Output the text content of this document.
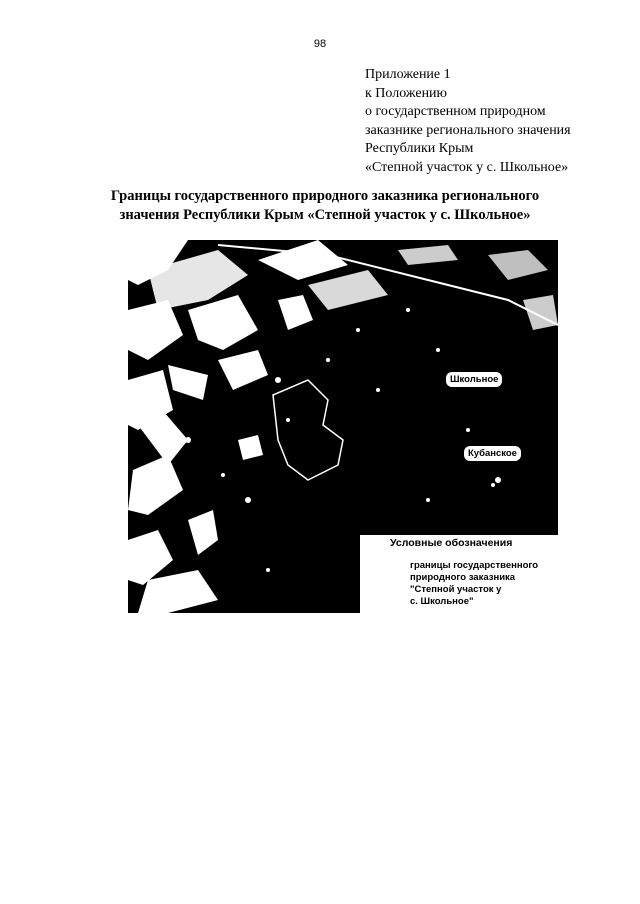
98
Приложение 1
к Положению
о государственном природном
заказнике регионального значения
Республики Крым
«Степной участок у с. Школьное»
Границы государственного природного заказника регионального
значения Республики Крым «Степной участок у с. Школьное»
Школьное
Кубанское
Условные обозначения
границы государственного
природного заказника
"Степной участок у
с. Школьное"
